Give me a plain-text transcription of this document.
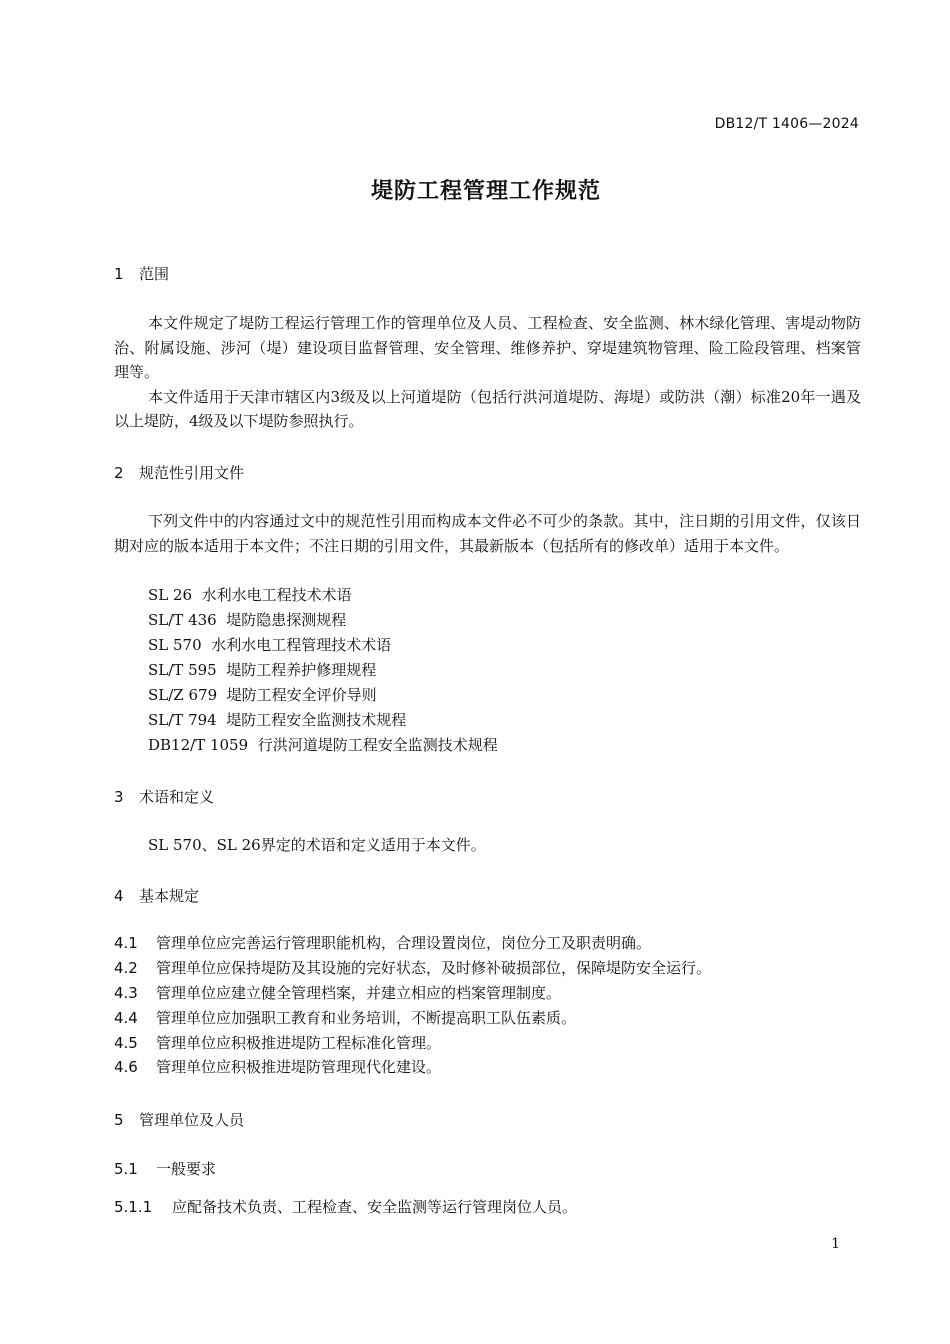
DB12/T 1406—2024
堤防工程管理工作规范
1 范围

本文件规定了堤防工程运行管理工作的管理单位及人员、工程检查、安全监测、林木绿化管理、害堤动物防治、附属设施、涉河（堤）建设项目监督管理、安全管理、维修养护、穿堤建筑物管理、险工险段管理、档案管理等。

本文件适用于天津市辖区内3级及以上河道堤防（包括行洪河道堤防、海堤）或防洪（潮）标准20年一遇及以上堤防，4级及以下堤防参照执行。

2 规范性引用文件

下列文件中的内容通过文中的规范性引用而构成本文件必不可少的条款。其中，注日期的引用文件，仅该日期对应的版本适用于本文件；不注日期的引用文件，其最新版本（包括所有的修改单）适用于本文件。

SL 26 水利水电工程技术术语
SL/T 436 堤防隐患探测规程
SL 570 水利水电工程管理技术术语
SL/T 595 堤防工程养护修理规程
SL/Z 679 堤防工程安全评价导则
SL/T 794 堤防工程安全监测技术规程
DB12/T 1059 行洪河道堤防工程安全监测技术规程
3 术语和定义
SL 570、SL 26界定的术语和定义适用于本文件。
4 基本规定
4.1 管理单位应完善运行管理职能机构，合理设置岗位，岗位分工及职责明确。
4.2 管理单位应保持堤防及其设施的完好状态，及时修补破损部位，保障堤防安全运行。
4.3 管理单位应建立健全管理档案，并建立相应的档案管理制度。
4.4 管理单位应加强职工教育和业务培训，不断提高职工队伍素质。
4.5 管理单位应积极推进堤防工程标准化管理。
4.6 管理单位应积极推进堤防管理现代化建设。
5 管理单位及人员
5.1 一般要求
5.1.1 应配备技术负责、工程检查、安全监测等运行管理岗位人员。
1
